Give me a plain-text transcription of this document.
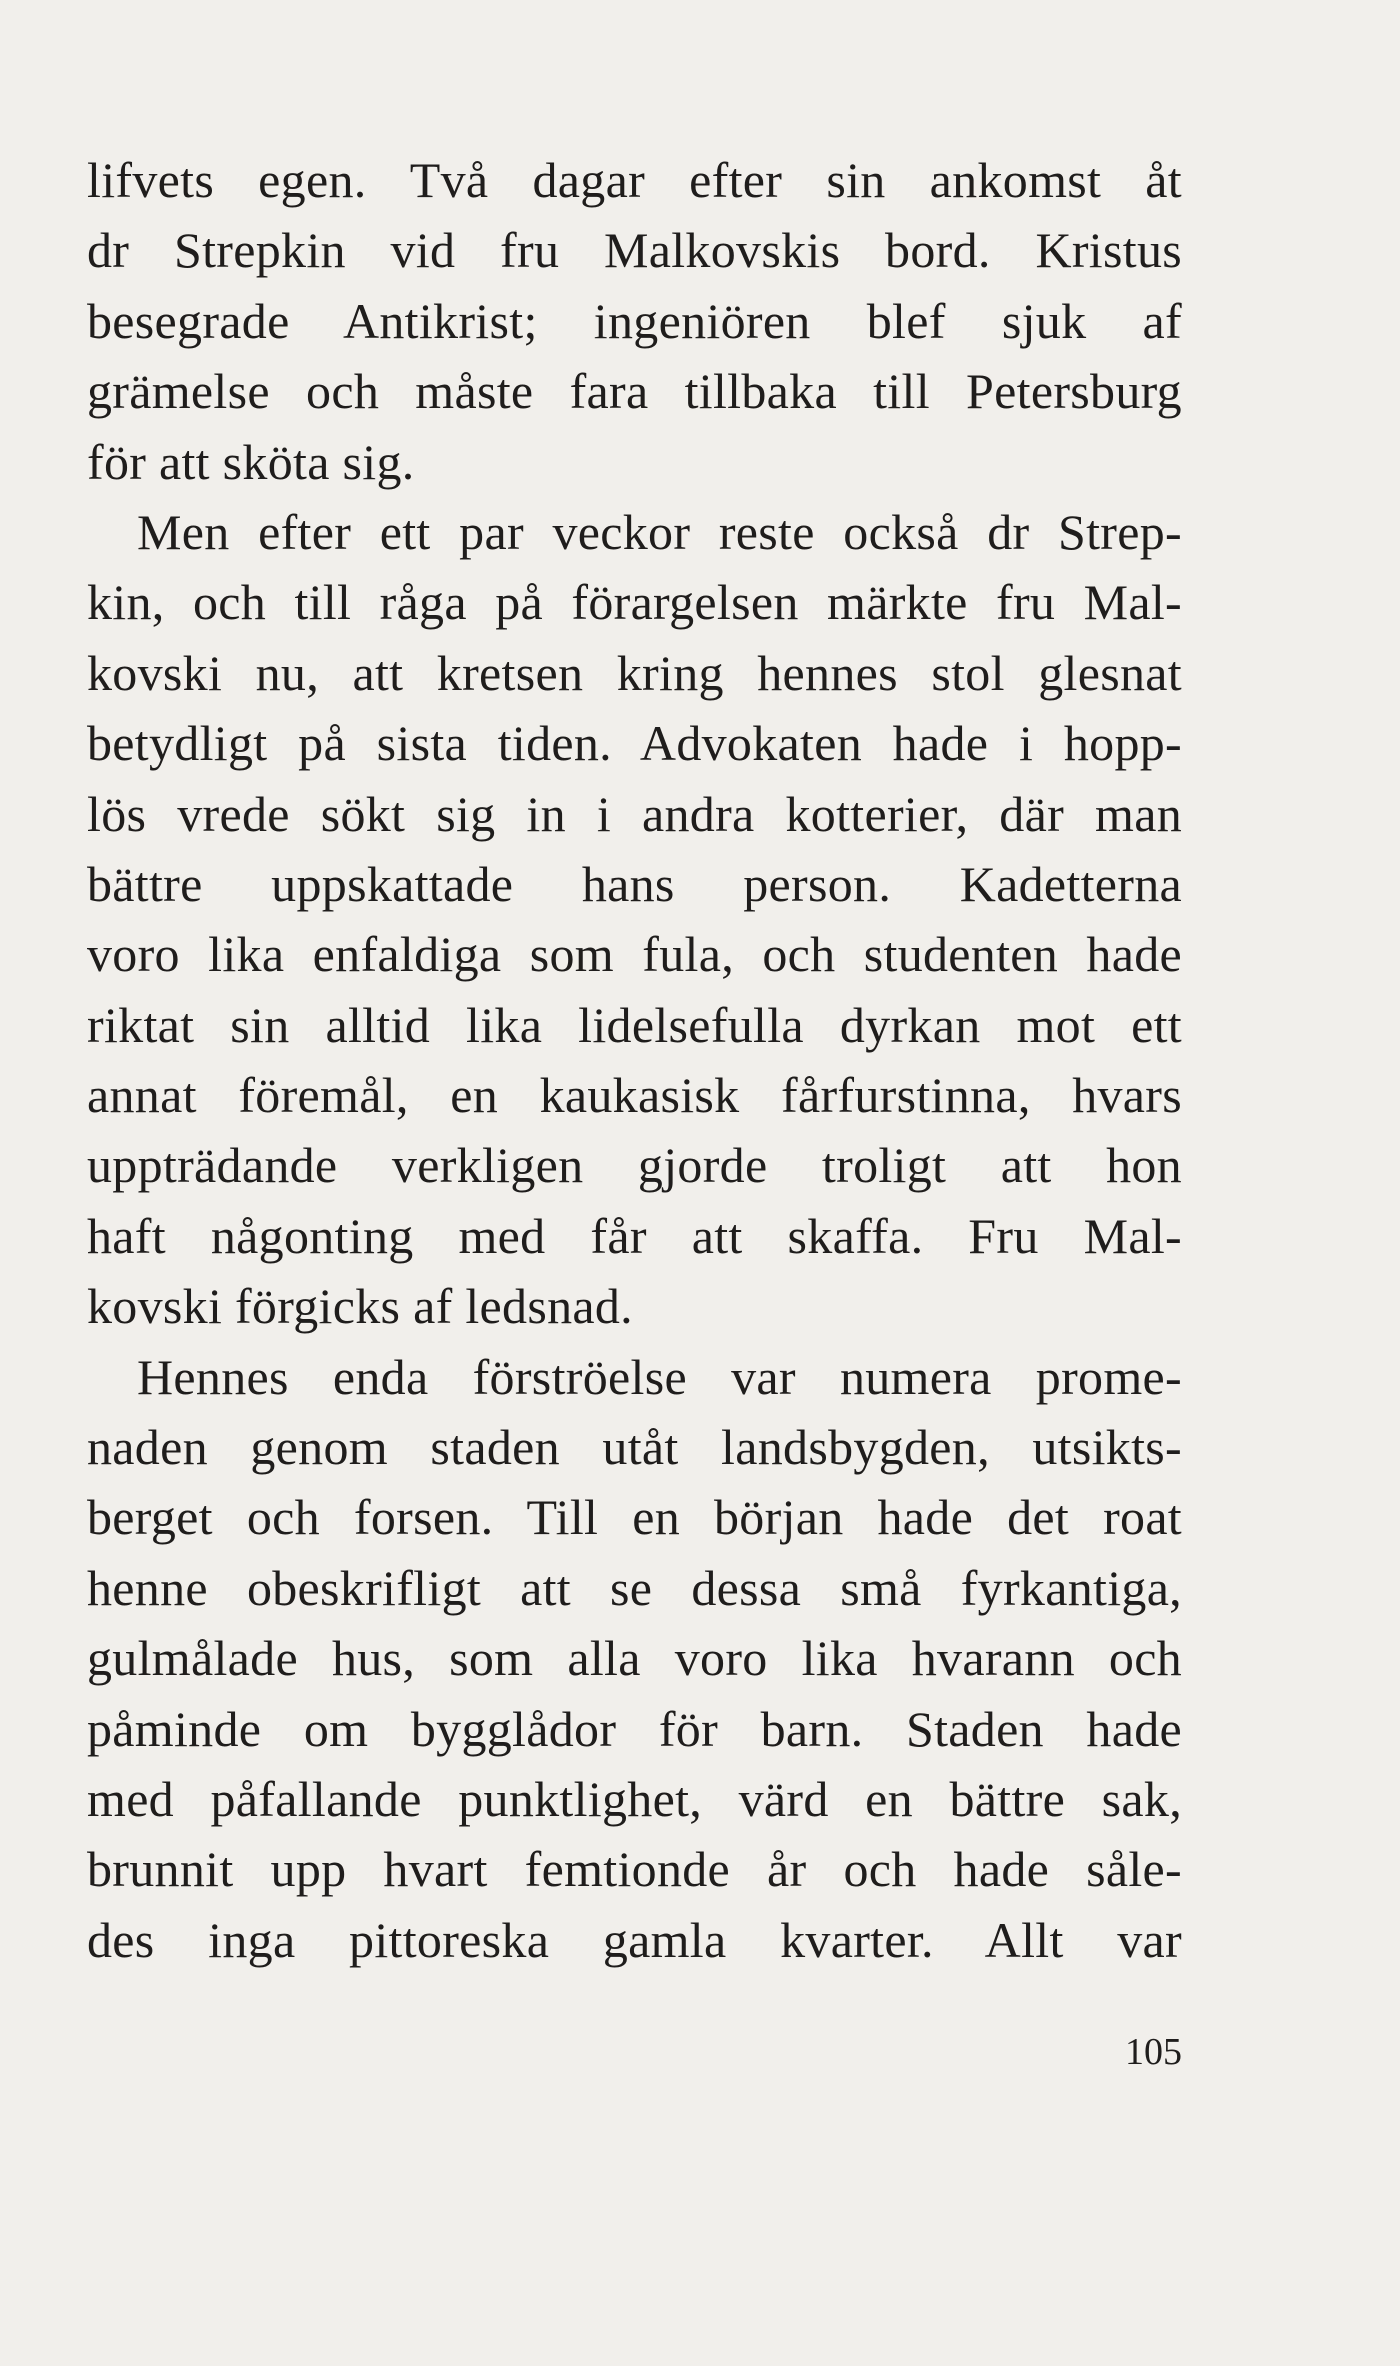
lifvets egen. Två dagar efter sin ankomst åt
dr Strepkin vid fru Malkovskis bord. Kristus
besegrade Antikrist; ingeniören blef sjuk af
grämelse och måste fara tillbaka till Petersburg
för att sköta sig.
Men efter ett par veckor reste också dr Strep-
kin, och till råga på förargelsen märkte fru Mal-
kovski nu, att kretsen kring hennes stol glesnat
betydligt på sista tiden. Advokaten hade i hopp-
lös vrede sökt sig in i andra kotterier, där man
bättre uppskattade hans person. Kadetterna
voro lika enfaldiga som fula, och studenten hade
riktat sin alltid lika lidelsefulla dyrkan mot ett
annat föremål, en kaukasisk fårfurstinna, hvars
uppträdande verkligen gjorde troligt att hon
haft någonting med får att skaffa. Fru Mal-
kovski förgicks af ledsnad.
Hennes enda förströelse var numera prome-
naden genom staden utåt landsbygden, utsikts-
berget och forsen. Till en början hade det roat
henne obeskrifligt att se dessa små fyrkantiga,
gulmålade hus, som alla voro lika hvarann och
påminde om bygglådor för barn. Staden hade
med påfallande punktlighet, värd en bättre sak,
brunnit upp hvart femtionde år och hade såle-
des inga pittoreska gamla kvarter. Allt var
105
